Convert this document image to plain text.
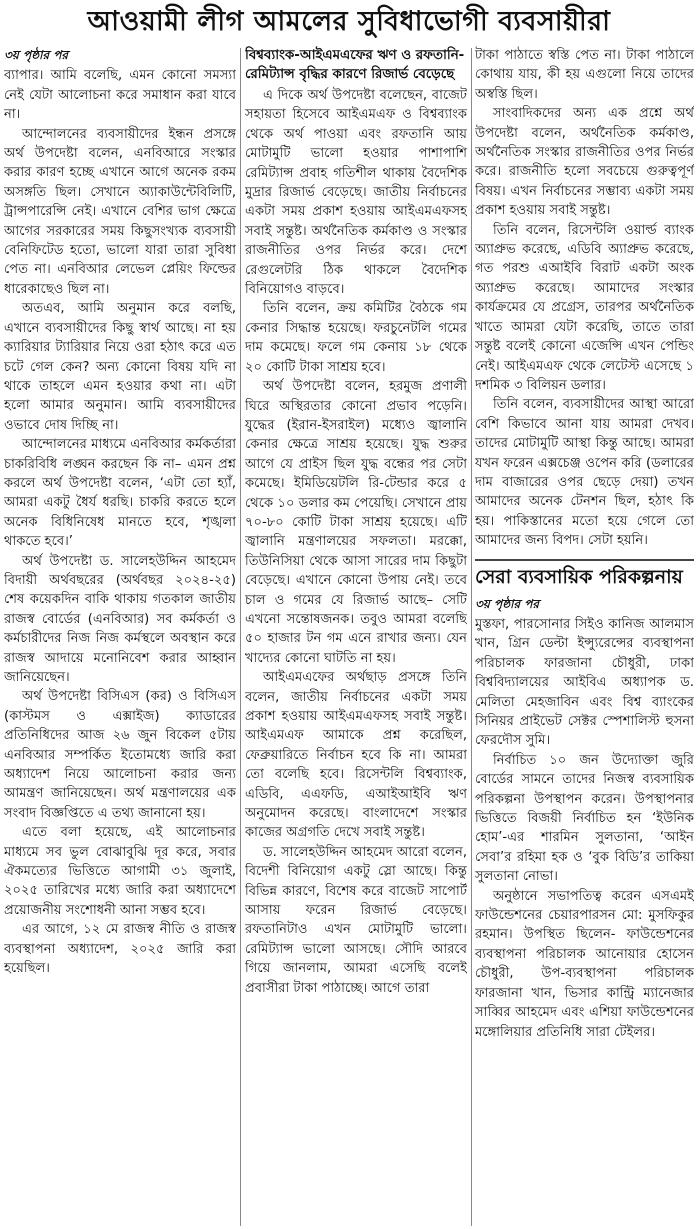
আওয়ামী লীগ আমলের সুবিধাভোগী ব্যবসায়ীরা
৩য় পৃষ্ঠার পর

ব্যাপার। আমি বলেছি, এমন কোনো সমস্যা নেই যেটা আলোচনা করে সমাধান করা যাবে না।

আন্দোলনের ব্যবসায়ীদের ইন্ধন প্রসঙ্গে অর্থ উপদেষ্টা বলেন, এনবিআরে সংস্কার করার কারণ হচ্ছে এখানে আগে অনেক রকম অসঙ্গতি ছিল। সেখানে অ্যাকাউন্টেবিলিটি, ট্রান্সপারেন্সি নেই। এখানে বেশির ভাগ ক্ষেত্রে আগের সরকারের সময় কিছুসংখ্যক ব্যবসায়ী বেনিফিটেড হতো, ভালো যারা তারা সুবিধা পেত না। এনবিআর লেভেল প্লেয়িং ফিল্ডের ধারেকাছেও ছিল না।

অতএব, আমি অনুমান করে বলছি, এখানে ব্যবসায়ীদের কিছু স্বার্থ আছে। না হয় ক্যারিয়ার ট্যারিয়ার নিয়ে ওরা হঠাৎ করে এত চটে গেল কেন? অন্য কোনো বিষয় যদি না থাকে তাহলে এমন হওয়ার কথা না। এটা হলো আমার অনুমান। আমি ব্যবসায়ীদের ওভাবে দোষ দিচ্ছি না।

আন্দোলনের মাধ্যমে এনবিআর কর্মকর্তারা চাকরিবিধি লঙ্ঘন করছেন কি না– এমন প্রশ্ন করলে অর্থ উপদেষ্টা বলেন, ‘এটা তো হ্যাঁ, আমরা একটু ধৈর্য ধরছি। চাকরি করতে হলে অনেক বিধিনিষেধ মানতে হবে, শৃঙ্খলা থাকতে হবে।’

অর্থ উপদেষ্টা ড. সালেহউদ্দিন আহমেদ বিদায়ী অর্থবছরের (অর্থবছর ২০২৪-২৫) শেষ কয়েকদিন বাকি থাকায় গতকাল জাতীয় রাজস্ব বোর্ডের (এনবিআর) সব কর্মকর্তা ও কর্মচারীদের নিজ নিজ কর্মস্থলে অবস্থান করে রাজস্ব আদায়ে মনোনিবেশ করার আহ্বান জানিয়েছেন।

অর্থ উপদেষ্টা বিসিএস (কর) ও বিসিএস (কাস্টমস ও এক্সাইজ) ক্যাডারের প্রতিনিধিদের আজ ২৬ জুন বিকেল ৫টায় এনবিআর সম্পর্কিত ইতোমধ্যে জারি করা অধ্যাদেশ নিয়ে আলোচনা করার জন্য আমন্ত্রণ জানিয়েছেন। অর্থ মন্ত্রণালয়ের এক সংবাদ বিজ্ঞপ্তিতে এ তথ্য জানানো হয়।

এতে বলা হয়েছে, এই আলোচনার মাধ্যমে সব ভুল বোঝাবুঝি দূর করে, সবার ঐকমত্যের ভিত্তিতে আগামী ৩১ জুলাই, ২০২৫ তারিখের মধ্যে জারি করা অধ্যাদেশে প্রয়োজনীয় সংশোধনী আনা সম্ভব হবে।

এর আগে, ১২ মে রাজস্ব নীতি ও রাজস্ব ব্যবস্থাপনা অধ্যাদেশ, ২০২৫ জারি করা হয়েছিল।

বিশ্বব্যাংক-আইএমএফের ঋণ ও রফতানি- রেমিট্যান্স বৃদ্ধির কারণে রিজার্ভ বেড়েছে

এ দিকে অর্থ উপদেষ্টা বলেছেন, বাজেট সহায়তা হিসেবে আইএমএফ ও বিশ্বব্যাংক থেকে অর্থ পাওয়া এবং রফতানি আয় মোটামুটি ভালো হওয়ার পাশাপাশি রেমিট্যান্স প্রবাহ গতিশীল থাকায় বৈদেশিক মুদ্রার রিজার্ভ বেড়েছে। জাতীয় নির্বাচনের একটা সময় প্রকাশ হওয়ায় আইএমএফসহ সবাই সন্তুষ্ট। অর্থনৈতিক কর্মকাণ্ড ও সংস্কার রাজনীতির ওপর নির্ভর করে। দেশে রেগুলেটরি ঠিক থাকলে বৈদেশিক বিনিয়োগও বাড়বে।

তিনি বলেন, ক্রয় কমিটির বৈঠকে গম কেনার সিদ্ধান্ত হয়েছে। ফরচুনেটলি গমের দাম কমেছে। ফলে গম কেনায় ১৮ থেকে ২০ কোটি টাকা সাশ্রয় হবে।

অর্থ উপদেষ্টা বলেন, হরমুজ প্রণালী ঘিরে অস্থিরতার কোনো প্রভাব পড়েনি। যুদ্ধের (ইরান-ইসরাইল) মধ্যেও জ্বালানি কেনার ক্ষেত্রে সাশ্রয় হয়েছে। যুদ্ধ শুরুর আগে যে প্রাইস ছিল যুদ্ধ বন্ধের পর সেটা কমেছে। ইমিডিয়েটলি রি-টেন্ডার করে ৫ থেকে ১০ ডলার কম পেয়েছি। সেখানে প্রায় ৭০-৮০ কোটি টাকা সাশ্রয় হয়েছে। এটি জ্বালানি মন্ত্রণালয়ের সফলতা। মরক্কো, তিউনিসিয়া থেকে আসা সারের দাম কিছুটা বেড়েছে। এখানে কোনো উপায় নেই। তবে চাল ও গমের যে রিজার্ভ আছে– সেটি এখনো সন্তোষজনক। তবুও আমরা বলেছি ৫০ হাজার টন গম এনে রাখার জন্য। যেন খাদ্যের কোনো ঘাটতি না হয়।

আইএমএফের অর্থছাড় প্রসঙ্গে তিনি বলেন, জাতীয় নির্বাচনের একটা সময় প্রকাশ হওয়ায় আইএমএফসহ সবাই সন্তুষ্ট। আইএমএফ আমাকে প্রশ্ন করেছিল, ফেব্রুয়ারিতে নির্বাচন হবে কি না। আমরা তো বলেছি হবে। রিসেন্টলি বিশ্বব্যাংক, এডিবি, এএফডি, এআইআইবি ঋণ অনুমোদন করেছে। বাংলাদেশে সংস্কার কাজের অগ্রগতি দেখে সবাই সন্তুষ্ট।

ড. সালেহউদ্দিন আহমেদ আরো বলেন, বিদেশী বিনিয়োগ একটু স্লো আছে। কিন্তু বিভিন্ন কারণে, বিশেষ করে বাজেট সাপোর্ট আসায় ফরেন রিজার্ভ বেড়েছে। রফতানিটাও এখন মোটামুটি ভালো। রেমিট্যান্স ভালো আসছে। সৌদি আরবে গিয়ে জানলাম, আমরা এসেছি বলেই প্রবাসীরা টাকা পাঠাচ্ছে। আগে তারা

টাকা পাঠাতে স্বস্তি পেত না। টাকা পাঠালে কোথায় যায়, কী হয় এগুলো নিয়ে তাদের অস্বস্তি ছিল।

সাংবাদিকদের অন্য এক প্রশ্নে অর্থ উপদেষ্টা বলেন, অর্থনৈতিক কর্মকাণ্ড, অর্থনৈতিক সংস্কার রাজনীতির ওপর নির্ভর করে। রাজনীতি হলো সবচেয়ে গুরুত্বপূর্ণ বিষয়। এখন নির্বাচনের সম্ভাব্য একটা সময় প্রকাশ হওয়ায় সবাই সন্তুষ্ট।

তিনি বলেন, রিসেন্টলি ওয়ার্ল্ড ব্যাংক অ্যাপ্রুভ করেছে, এডিবি অ্যাপ্রুভ করেছে, গত পরশু এআইবি বিরাট একটা অংক অ্যাপ্রুভ করেছে। আমাদের সংস্কার কার্যক্রমের যে প্রগ্রেস, তারপর অর্থনৈতিক খাতে আমরা যেটা করেছি, তাতে তারা সন্তুষ্ট বলেই কোনো এজেন্সি এখন পেন্ডিং নেই। আইএমএফ থেকে লেটেস্ট এসেছে ১ দশমিক ৩ বিলিয়ন ডলার।

তিনি বলেন, ব্যবসায়ীদের আস্থা আরো বেশি কিভাবে আনা যায় আমরা দেখব। তাদের মোটামুটি আস্থা কিন্তু আছে। আমরা যখন ফরেন এক্সচেঞ্জ ওপেন করি (ডলারের দাম বাজারের ওপর ছেড়ে দেয়া) তখন আমাদের অনেক টেনশন ছিল, হঠাৎ কি হয়। পাকিস্তানের মতো হয়ে গেলে তো আমাদের জন্য বিপদ। সেটা হয়নি।

সেরা ব্যবসায়িক পরিকল্পনায়
৩য় পৃষ্ঠার পর

মুস্তফা, পারসোনার সিইও কানিজ আলমাস খান, গ্রিন ডেল্টা ইন্স্যুরেন্সের ব্যবস্থাপনা পরিচালক ফারজানা চৌধুরী, ঢাকা বিশ্ববিদ্যালয়ের আইবিএ অধ্যাপক ড. মেলিতা মেহজাবিন এবং বিশ্ব ব্যাংকের সিনিয়র প্রাইভেট সেক্টর স্পেশালিস্ট হুসনা ফেরদৌস সুমি।

নির্বাচিত ১০ জন উদ্যোক্তা জুরি বোর্ডের সামনে তাদের নিজস্ব ব্যবসায়িক পরিকল্পনা উপস্থাপন করেন। উপস্থাপনার ভিত্তিতে বিজয়ী নির্বাচিত হন ‘ইউনিক হোম’-এর শারমিন সুলতানা, ‘আইন সেবা’র রহিমা হক ও ‘বুক বিডি’র তাকিয়া সুলতানা নোভা।

অনুষ্ঠানে সভাপতিত্ব করেন এসএমই ফাউন্ডেশনের চেয়ারপারসন মো: মুসফিকুর রহমান। উপস্থিত ছিলেন- ফাউন্ডেশনের ব্যবস্থাপনা পরিচালক আনোয়ার হোসেন চৌধুরী, উপ-ব্যবস্থাপনা পরিচালক ফারজানা খান, ভিসার কান্ট্রি ম্যানেজার সাব্বির আহমেদ এবং এশিয়া ফাউন্ডেশনের মঙ্গোলিয়ার প্রতিনিধি সারা টেইলর।
